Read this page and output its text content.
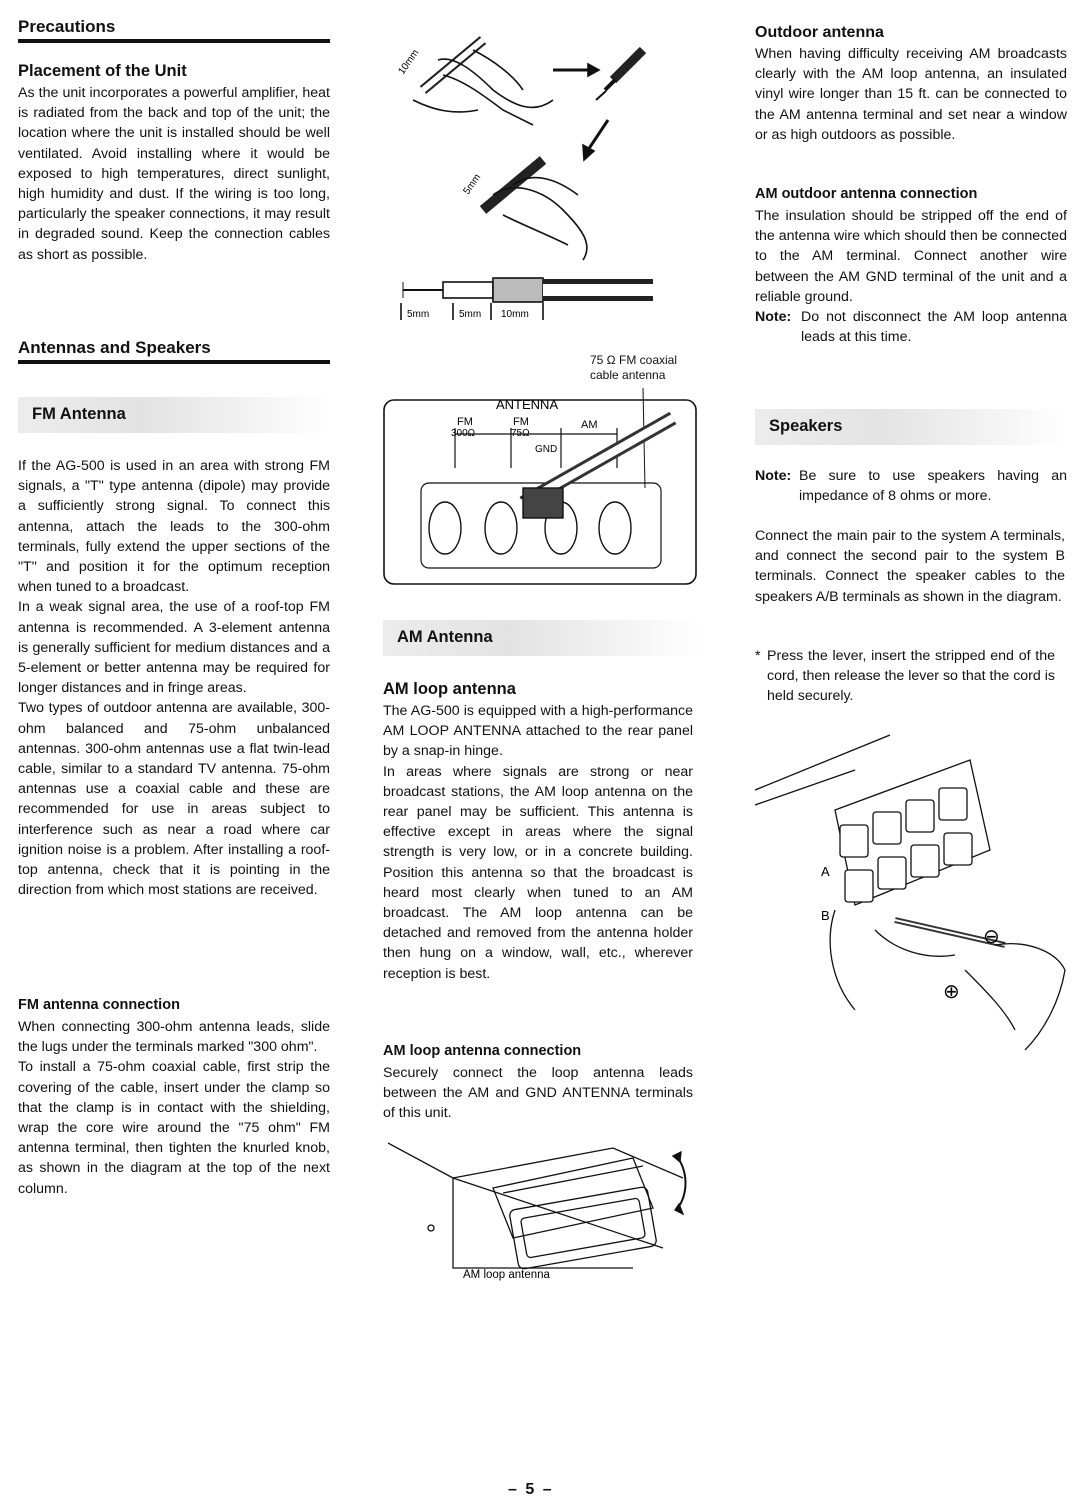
Precautions
Placement of the Unit

As the unit incorporates a powerful amplifier, heat is radiated from the back and top of the unit; the location where the unit is installed should be well ventilated. Avoid installing where it would be exposed to high temperatures, direct sunlight, high humidity and dust. If the wiring is too long, particularly the speaker connections, it may result in degraded sound. Keep the connection cables as short as possible.

Antennas and Speakers
FM Antenna

If the AG-500 is used in an area with strong FM signals, a "T" type antenna (dipole) may provide a sufficiently strong signal. To connect this antenna, attach the leads to the 300-ohm terminals, fully extend the upper sections of the "T" and position it for the optimum reception when tuned to a broadcast.
In a weak signal area, the use of a roof-top FM antenna is recommended. A 3-element antenna is generally sufficient for medium distances and a 5-element or better antenna may be required for longer distances and in fringe areas.
Two types of outdoor antenna are available, 300-ohm balanced and 75-ohm unbalanced antennas. 300-ohm antennas use a flat twin-lead cable, similar to a standard TV antenna. 75-ohm antennas use a coaxial cable and these are recommended for use in areas subject to interference such as near a road where car ignition noise is a problem. After installing a roof-top antenna, check that it is pointing in the direction from which most stations are received.

FM antenna connection

When connecting 300-ohm antenna leads, slide the lugs under the terminals marked "300 ohm".
To install a 75-ohm coaxial cable, first strip the covering of the cable, insert under the clamp so that the clamp is in contact with the shielding, wrap the core wire around the "75 ohm" FM antenna terminal, then tighten the knurled knob, as shown in the diagram at the top of the next column.

10mm
5mm
5mm	5mm 10mm
75 Ω FM coaxial
cable antenna
ANTENNA
FM
300Ω
FM
75Ω
AM
GND
AM Antenna
AM loop antenna

The AG-500 is equipped with a high-performance AM LOOP ANTENNA attached to the rear panel by a snap-in hinge.
In areas where signals are strong or near broadcast stations, the AM loop antenna on the rear panel may be sufficient. This antenna is effective except in areas where the signal strength is very low, or in a concrete building. Position this antenna so that the broadcast is heard most clearly when tuned to an AM broadcast. The AM loop antenna can be detached and removed from the antenna holder then hung on a window, wall, etc., wherever reception is best.

AM loop antenna connection

Securely connect the loop antenna leads between the AM and GND ANTENNA terminals of this unit.

AM loop antenna
Outdoor antenna

When having difficulty receiving AM broadcasts clearly with the AM loop antenna, an insulated vinyl wire longer than 15 ft. can be connected to the AM antenna terminal and set near a window or as high outdoors as possible.

AM outdoor antenna connection

The insulation should be stripped off the end of the antenna wire which should then be connected to the AM terminal. Connect another wire between the AM GND terminal of the unit and a reliable ground.

Note: Do not disconnect the AM loop antenna leads at this time.
Speakers
Note: Be sure to use speakers having an impedance of 8 ohms or more.

Connect the main pair to the system A terminals, and connect the second pair to the system B terminals. Connect the speaker cables to the speakers A/B terminals as shown in the diagram.

* Press the lever, insert the stripped end of the cord, then release the lever so that the cord is held securely.
A
B
⊖
⊕
– 5 –
